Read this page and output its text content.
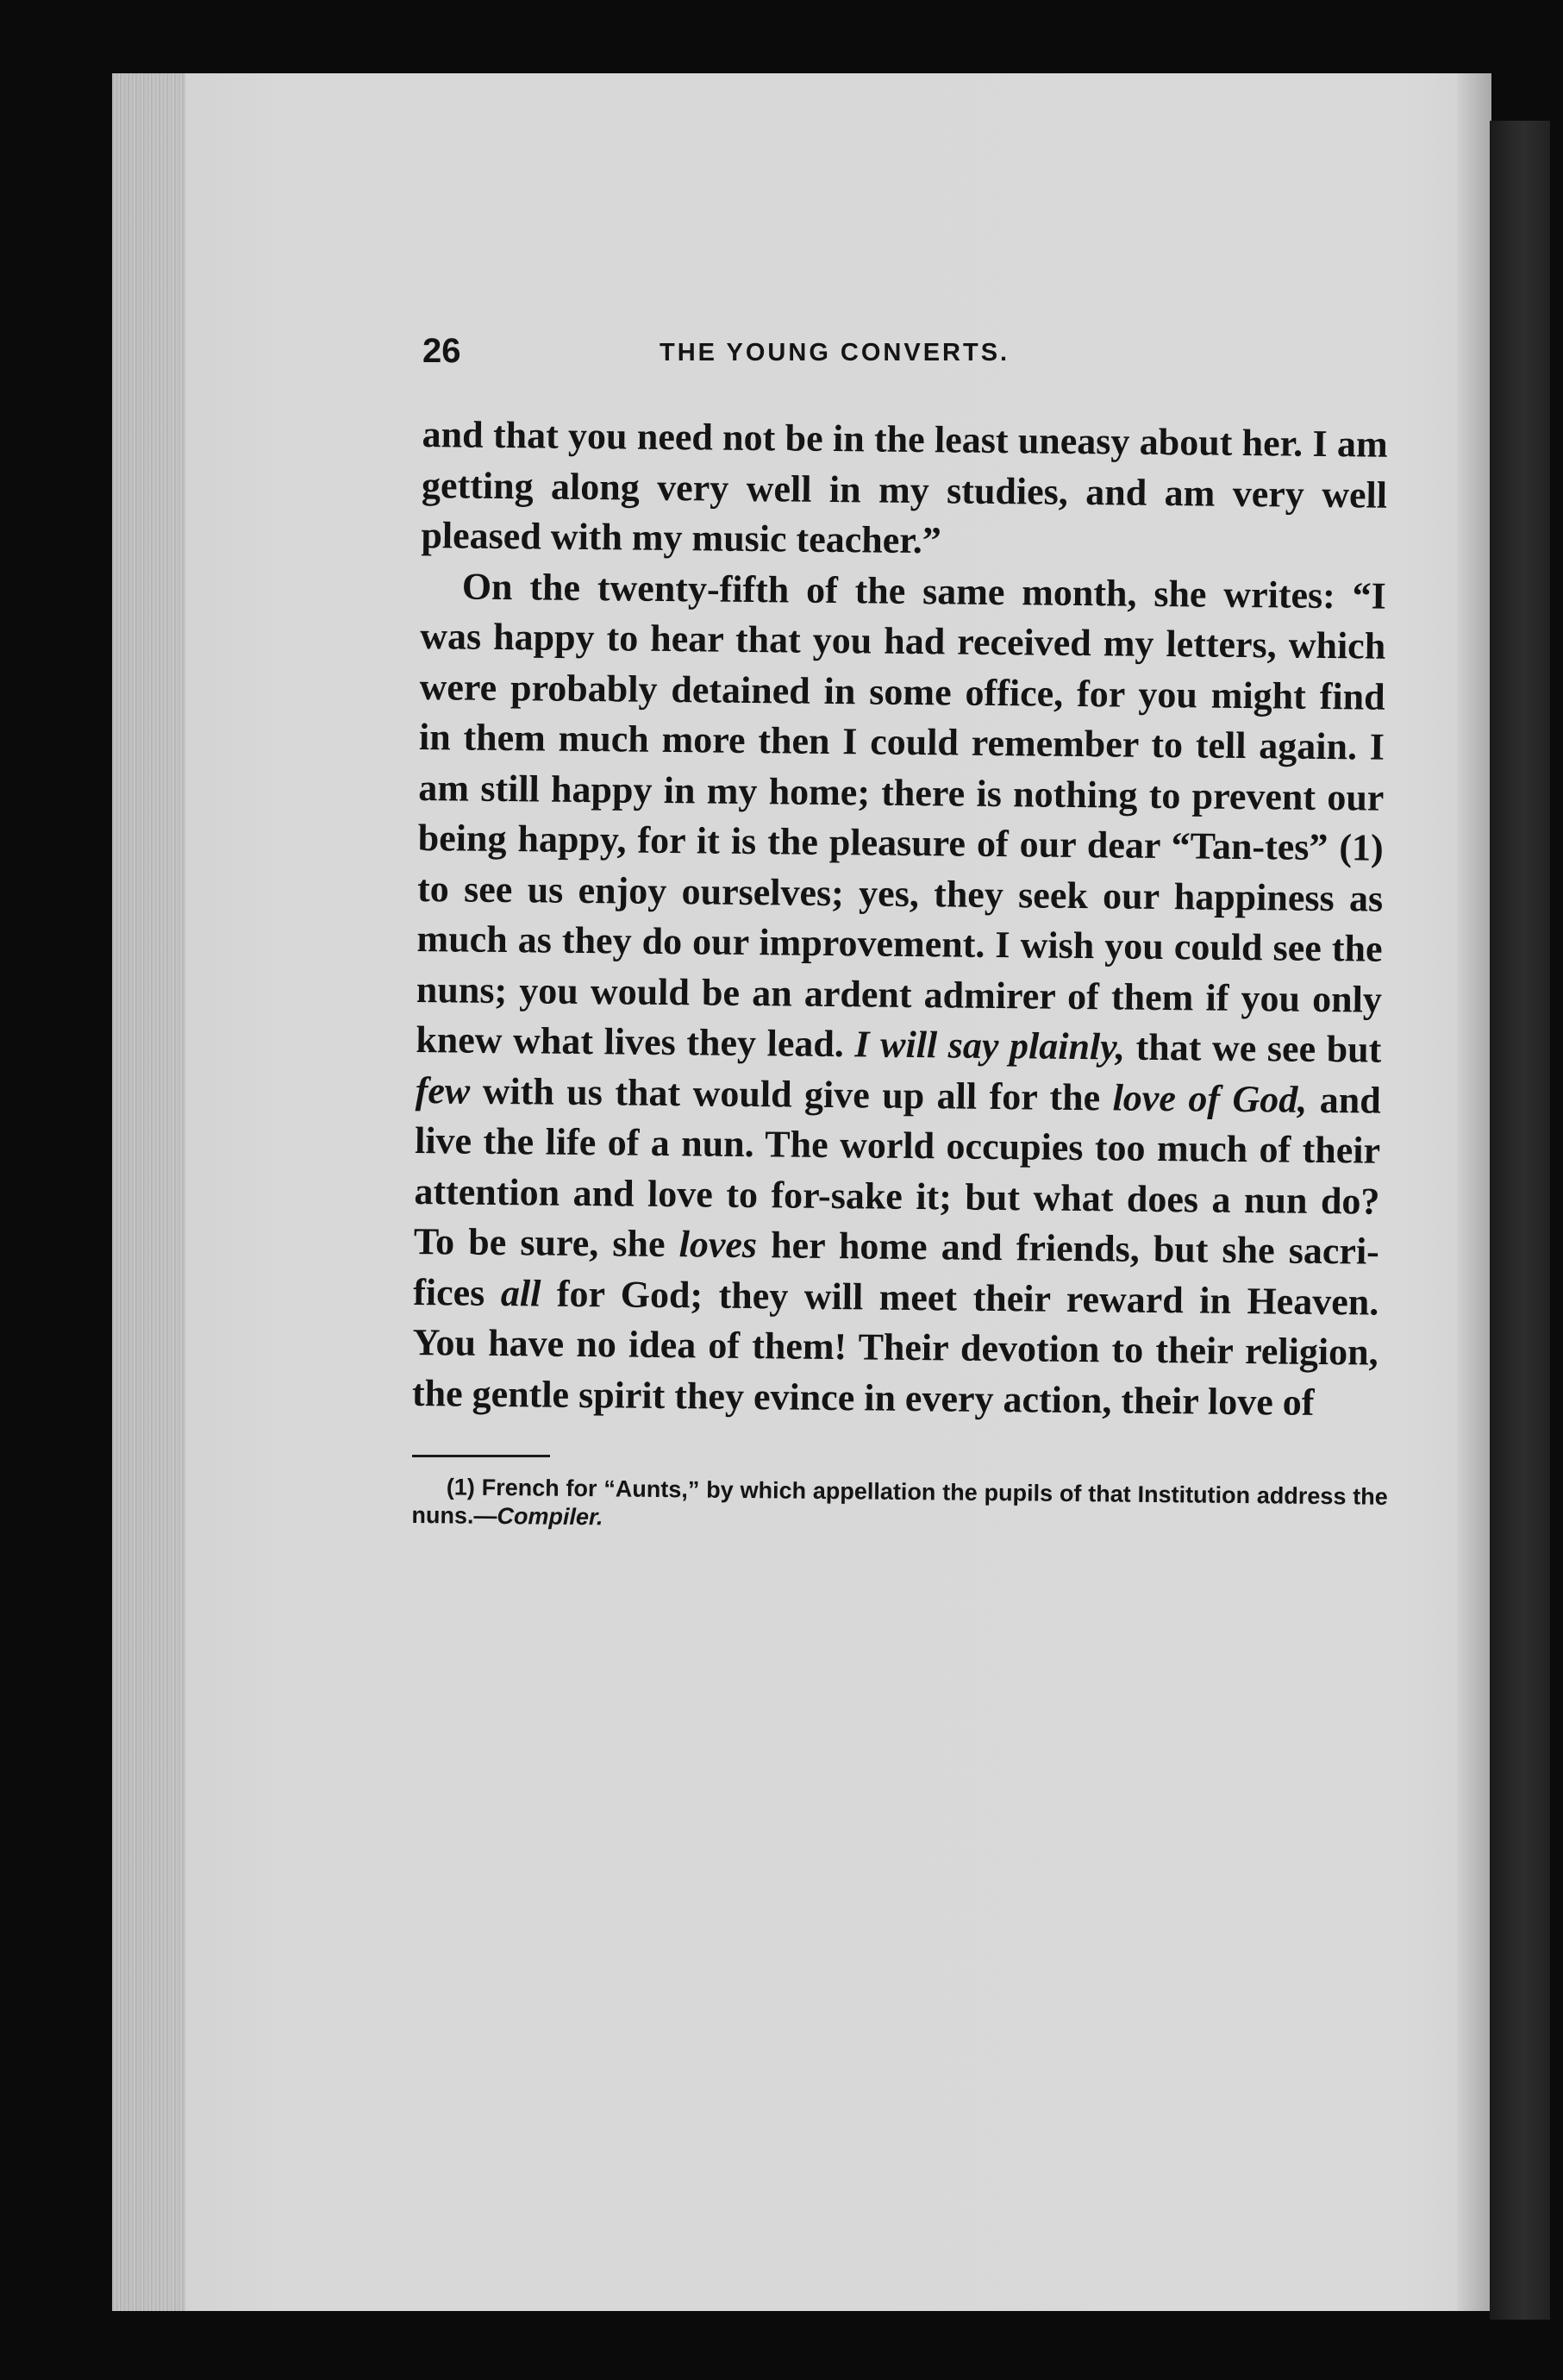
26	THE YOUNG CONVERTS.

and that you need not be in the least uneasy about her. I am getting along very well in my studies, and am very well pleased with my music teacher.”

On the twenty-fifth of the same month, she writes: “I was happy to hear that you had received my letters, which were probably detained in some office, for you might find in them much more then I could remember to tell again. I am still happy in my home; there is nothing to prevent our being happy, for it is the pleasure of our dear “Tan-tes” (1) to see us enjoy ourselves; yes, they seek our happiness as much as they do our improvement. I wish you could see the nuns; you would be an ardent admirer of them if you only knew what lives they lead. I will say plainly, that we see but few with us that would give up all for the love of God, and live the life of a nun. The world occupies too much of their attention and love to for-sake it; but what does a nun do? To be sure, she loves her home and friends, but she sacri-fices all for God; they will meet their reward in Heaven. You have no idea of them! Their devotion to their religion, the gentle spirit they evince in every action, their love of

(1) French for “Aunts,” by which appellation the pupils of that Institution address the nuns.—Compiler.
